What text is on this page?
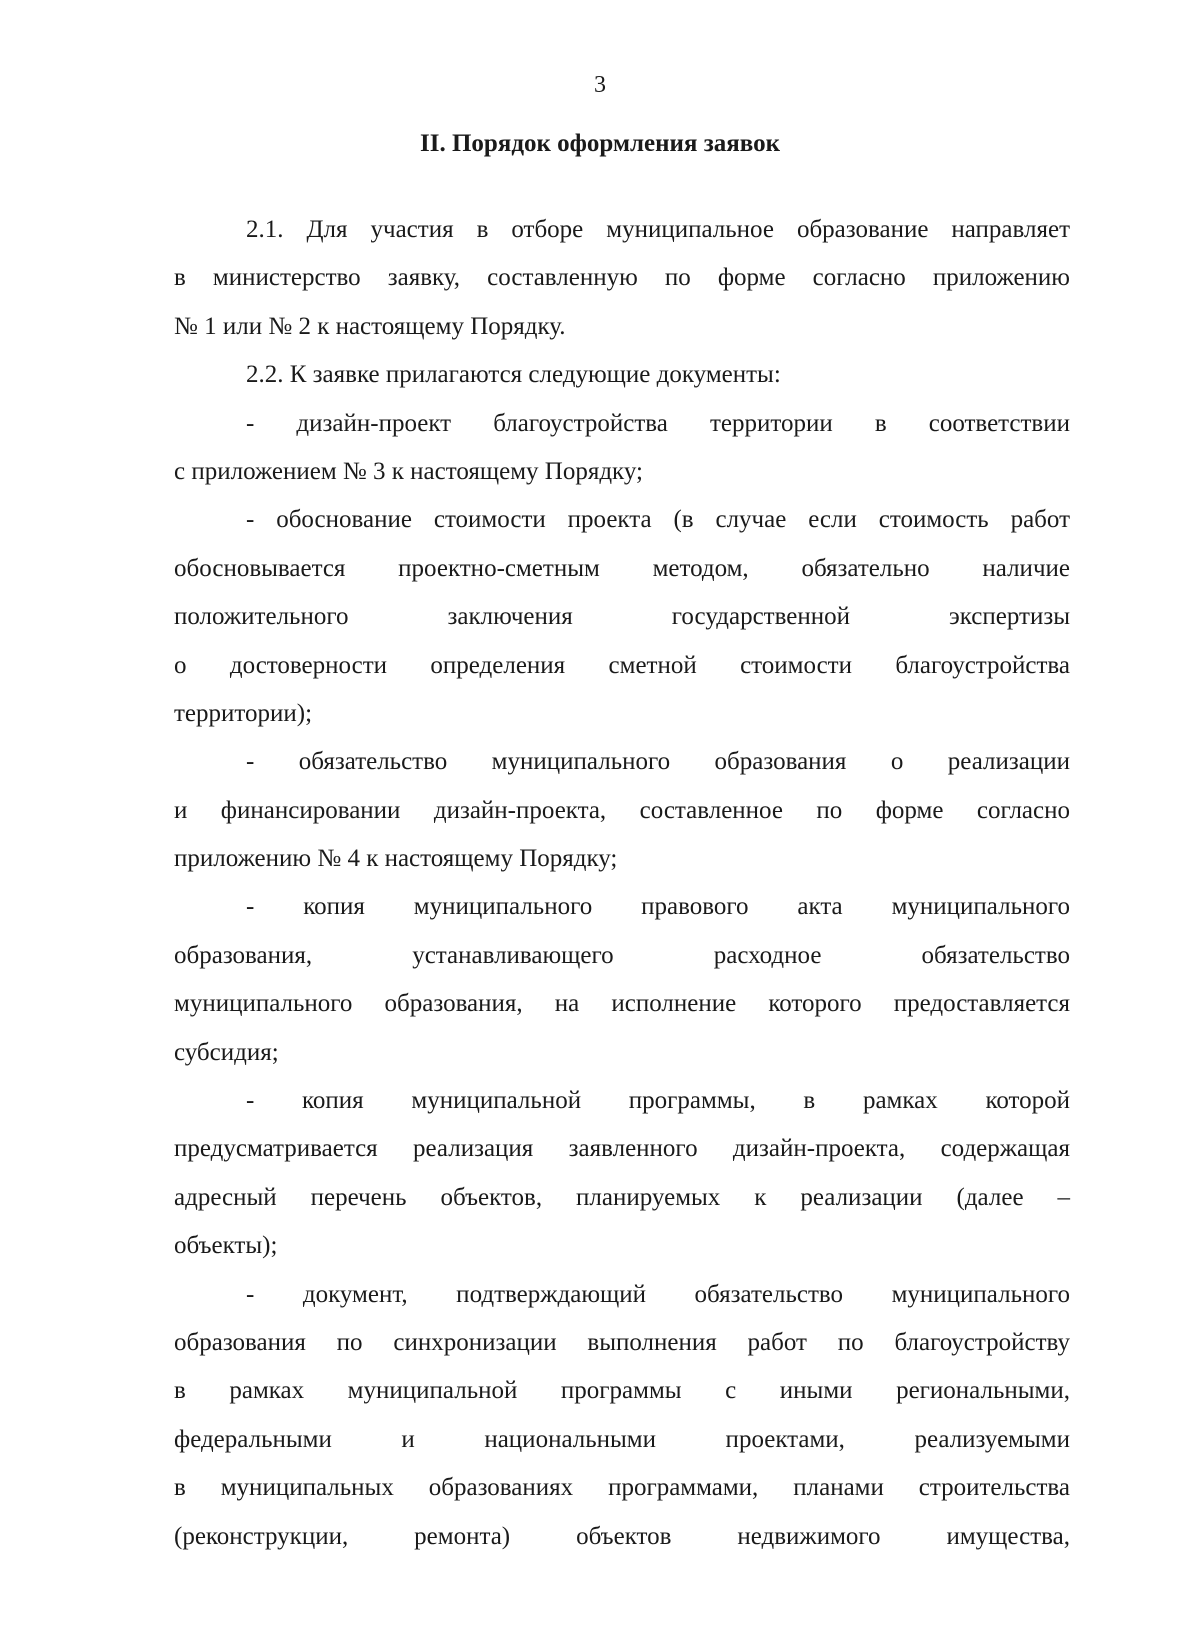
3
II. Порядок оформления заявок
2.1. Для участия в отборе муниципальное образование направляет
в министерство заявку, составленную по форме согласно приложению
№ 1 или № 2 к настоящему Порядку.
2.2. К заявке прилагаются следующие документы:
- дизайн-проект благоустройства территории в соответствии
с приложением № 3 к настоящему Порядку;
- обоснование стоимости проекта (в случае если стоимость работ
обосновывается проектно-сметным методом, обязательно наличие
положительного заключения государственной экспертизы
о достоверности определения сметной стоимости благоустройства
территории);
- обязательство муниципального образования о реализации
и финансировании дизайн-проекта, составленное по форме согласно
приложению № 4 к настоящему Порядку;
- копия муниципального правового акта муниципального
образования, устанавливающего расходное обязательство
муниципального образования, на исполнение которого предоставляется
субсидия;
- копия муниципальной программы, в рамках которой
предусматривается реализация заявленного дизайн-проекта, содержащая
адресный перечень объектов, планируемых к реализации (далее –
объекты);
- документ, подтверждающий обязательство муниципального
образования по синхронизации выполнения работ по благоустройству
в рамках муниципальной программы с иными региональными,
федеральными и национальными проектами, реализуемыми
в муниципальных образованиях программами, планами строительства
(реконструкции, ремонта) объектов недвижимого имущества,
